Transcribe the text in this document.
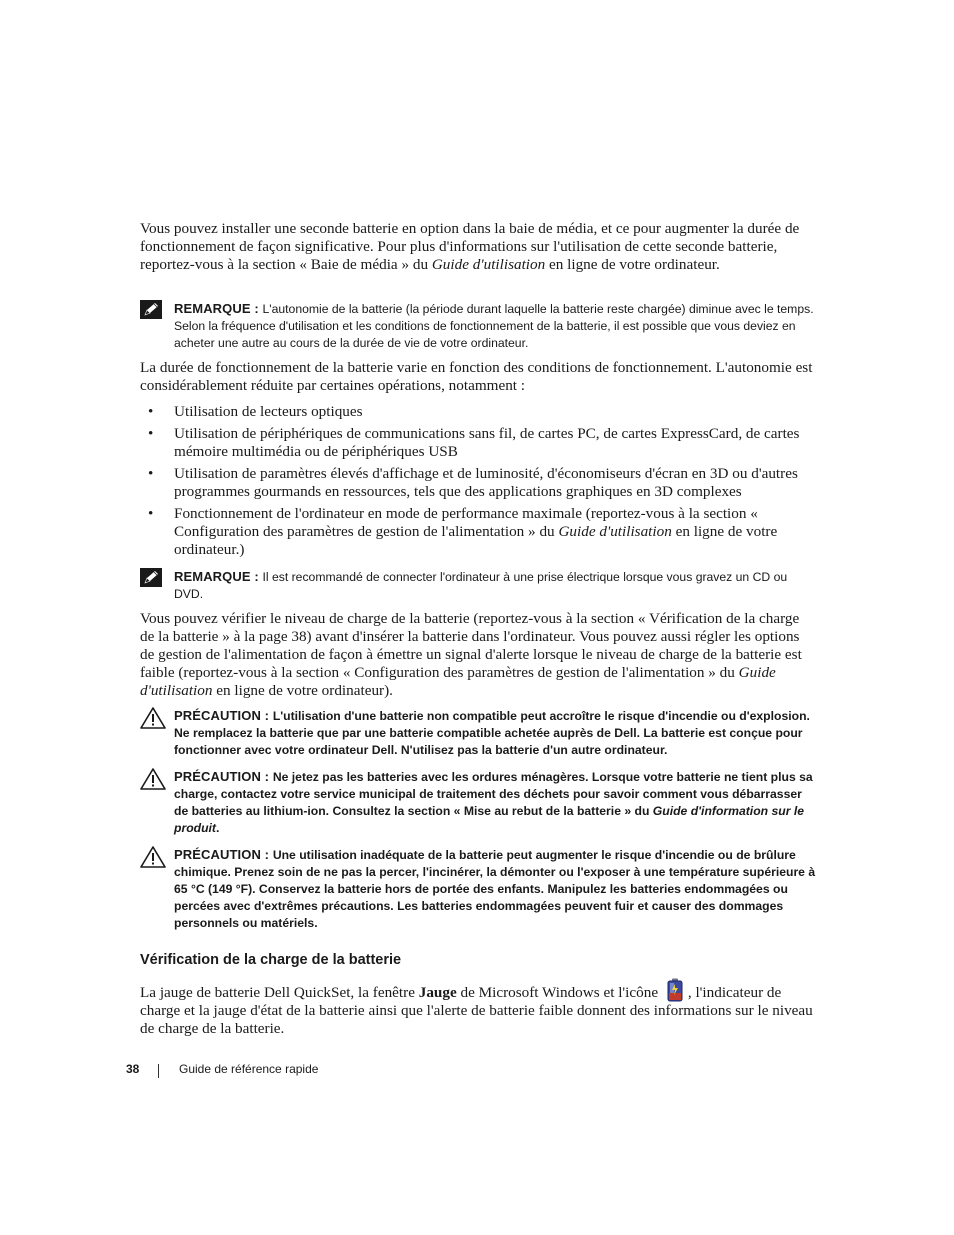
Vous pouvez installer une seconde batterie en option dans la baie de média, et ce pour augmenter la durée de fonctionnement de façon significative. Pour plus d'informations sur l'utilisation de cette seconde batterie, reportez-vous à la section « Baie de média » du Guide d'utilisation en ligne de votre ordinateur.

REMARQUE : L'autonomie de la batterie (la période durant laquelle la batterie reste chargée) diminue avec le temps. Selon la fréquence d'utilisation et les conditions de fonctionnement de la batterie, il est possible que vous deviez en acheter une autre au cours de la durée de vie de votre ordinateur.

La durée de fonctionnement de la batterie varie en fonction des conditions de fonctionnement. L'autonomie est considérablement réduite par certaines opérations, notamment :

• Utilisation de lecteurs optiques
• Utilisation de périphériques de communications sans fil, de cartes PC, de cartes ExpressCard, de cartes mémoire multimédia ou de périphériques USB
• Utilisation de paramètres élevés d'affichage et de luminosité, d'économiseurs d'écran en 3D ou d'autres programmes gourmands en ressources, tels que des applications graphiques en 3D complexes
• Fonctionnement de l'ordinateur en mode de performance maximale (reportez-vous à la section « Configuration des paramètres de gestion de l'alimentation » du Guide d'utilisation en ligne de votre ordinateur.)

REMARQUE : Il est recommandé de connecter l'ordinateur à une prise électrique lorsque vous gravez un CD ou DVD.

Vous pouvez vérifier le niveau de charge de la batterie (reportez-vous à la section « Vérification de la charge de la batterie » à la page 38) avant d'insérer la batterie dans l'ordinateur. Vous pouvez aussi régler les options de gestion de l'alimentation de façon à émettre un signal d'alerte lorsque le niveau de charge de la batterie est faible (reportez-vous à la section « Configuration des paramètres de gestion de l'alimentation » du Guide d'utilisation en ligne de votre ordinateur).

PRÉCAUTION : L'utilisation d'une batterie non compatible peut accroître le risque d'incendie ou d'explosion. Ne remplacez la batterie que par une batterie compatible achetée auprès de Dell. La batterie est conçue pour fonctionner avec votre ordinateur Dell. N'utilisez pas la batterie d'un autre ordinateur.

PRÉCAUTION : Ne jetez pas les batteries avec les ordures ménagères. Lorsque votre batterie ne tient plus sa charge, contactez votre service municipal de traitement des déchets pour savoir comment vous débarrasser de batteries au lithium-ion. Consultez la section « Mise au rebut de la batterie » du Guide d'information sur le produit.

PRÉCAUTION : Une utilisation inadéquate de la batterie peut augmenter le risque d'incendie ou de brûlure chimique. Prenez soin de ne pas la percer, l'incinérer, la démonter ou l'exposer à une température supérieure à 65 °C (149 °F). Conservez la batterie hors de portée des enfants. Manipulez les batteries endommagées ou percées avec d'extrêmes précautions. Les batteries endommagées peuvent fuir et causer des dommages personnels ou matériels.

Vérification de la charge de la batterie

La jauge de batterie Dell QuickSet, la fenêtre Jauge de Microsoft Windows et l'icône , l'indicateur de charge et la jauge d'état de la batterie ainsi que l'alerte de batterie faible donnent des informations sur le niveau de charge de la batterie.

38	Guide de référence rapide
